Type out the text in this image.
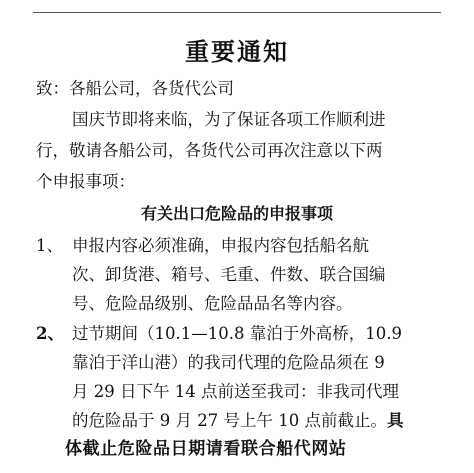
重要通知
致：各船公司，各货代公司
国庆节即将来临，为了保证各项工作顺利进
行，敬请各船公司，各货代公司再次注意以下两
个申报事项：
有关出口危险品的申报事项
1、 申报内容必须准确，申报内容包括船名航
次、卸货港、箱号、毛重、件数、联合国编
号、危险品级别、危险品品名等内容。
2、 过节期间（10.1—10.8 靠泊于外高桥，10.9
靠泊于洋山港）的我司代理的危险品须在 9
月 29 日下午 14 点前送至我司：非我司代理
的危险品于 9 月 27 号上午 10 点前截止。具
体截止危险品日期请看联合船代网站
